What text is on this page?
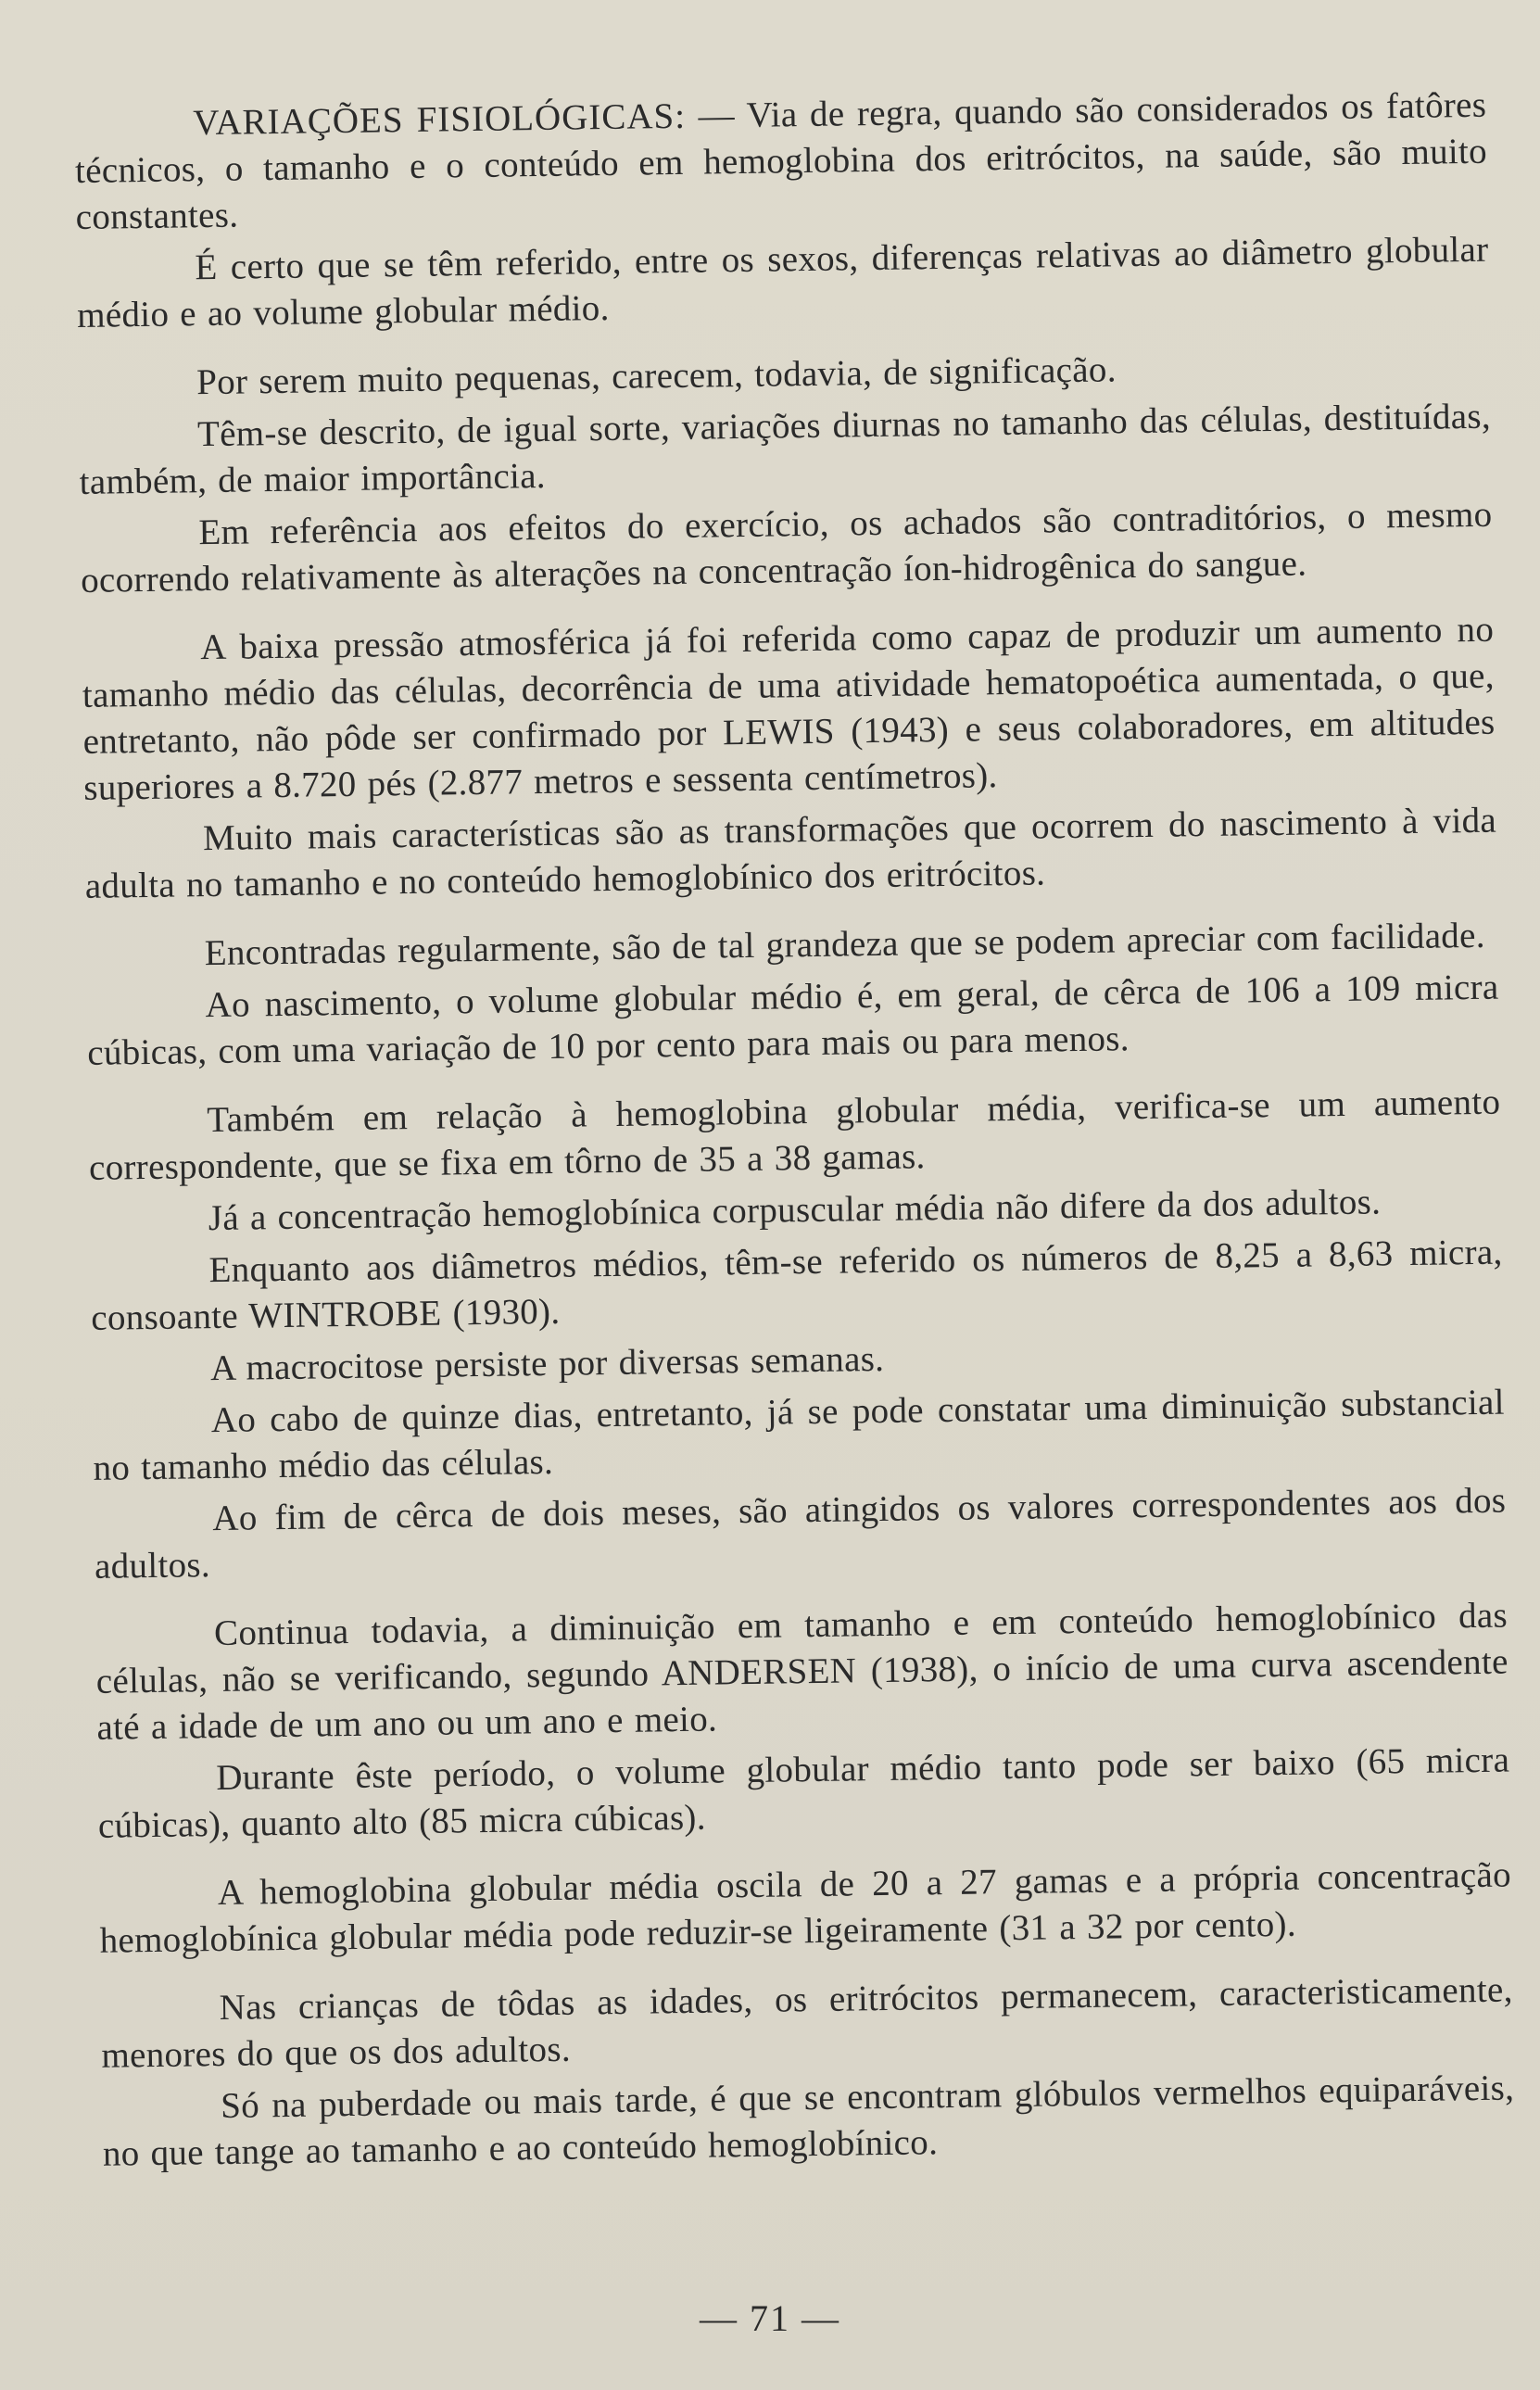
VARIAÇÕES FISIOLÓGICAS: — Via de regra, quando são considerados os fatôres técnicos, o tamanho e o conteúdo em hemoglobina dos eritrócitos, na saúde, são muito constantes.

É certo que se têm referido, entre os sexos, diferenças relativas ao diâmetro globular médio e ao volume globular médio.

Por serem muito pequenas, carecem, todavia, de significação.

Têm-se descrito, de igual sorte, variações diurnas no tamanho das células, destituídas, também, de maior importância.

Em referência aos efeitos do exercício, os achados são contraditórios, o mesmo ocorrendo relativamente às alterações na concentração íon-hidrogênica do sangue.

A baixa pressão atmosférica já foi referida como capaz de produzir um aumento no tamanho médio das células, decorrência de uma atividade hematopoética aumentada, o que, entretanto, não pôde ser confirmado por LEWIS (1943) e seus colaboradores, em altitudes superiores a 8.720 pés (2.877 metros e sessenta centímetros).

Muito mais características são as transformações que ocorrem do nascimento à vida adulta no tamanho e no conteúdo hemoglobínico dos eritrócitos.

Encontradas regularmente, são de tal grandeza que se podem apreciar com facilidade.

Ao nascimento, o volume globular médio é, em geral, de cêrca de 106 a 109 micra cúbicas, com uma variação de 10 por cento para mais ou para menos.

Também em relação à hemoglobina globular média, verifica-se um aumento correspondente, que se fixa em tôrno de 35 a 38 gamas.

Já a concentração hemoglobínica corpuscular média não difere da dos adultos.

Enquanto aos diâmetros médios, têm-se referido os números de 8,25 a 8,63 micra, consoante WINTROBE (1930).

A macrocitose persiste por diversas semanas.

Ao cabo de quinze dias, entretanto, já se pode constatar uma diminuição substancial no tamanho médio das células.

Ao fim de cêrca de dois meses, são atingidos os valores correspondentes aos dos adultos.

Continua todavia, a diminuição em tamanho e em conteúdo hemoglobínico das células, não se verificando, segundo ANDERSEN (1938), o início de uma curva ascendente até a idade de um ano ou um ano e meio.

Durante êste período, o volume globular médio tanto pode ser baixo (65 micra cúbicas), quanto alto (85 micra cúbicas).

A hemoglobina globular média oscila de 20 a 27 gamas e a própria concentração hemoglobínica globular média pode reduzir-se ligeiramente (31 a 32 por cento).

Nas crianças de tôdas as idades, os eritrócitos permanecem, caracteristicamente, menores do que os dos adultos.

Só na puberdade ou mais tarde, é que se encontram glóbulos vermelhos equiparáveis, no que tange ao tamanho e ao conteúdo hemoglobínico.

— 71 —
